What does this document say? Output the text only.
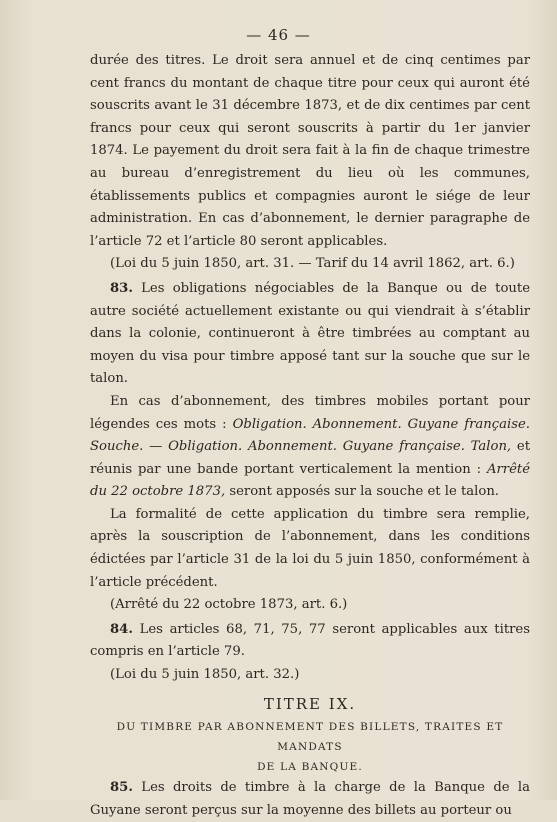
— 46 —

durée des titres. Le droit sera annuel et de cinq centimes par cent francs du montant de chaque titre pour ceux qui auront été souscrits avant le 31 décembre 1873, et de dix centimes par cent francs pour ceux qui seront souscrits à partir du 1er janvier 1874. Le payement du droit sera fait à la fin de chaque trimestre au bureau d’enregistrement du lieu où les communes, établissements publics et compagnies auront le siége de leur administration. En cas d’abonnement, le dernier paragraphe de l’article 72 et l’article 80 seront applicables.

(Loi du 5 juin 1850, art. 31. — Tarif du 14 avril 1862, art. 6.)

83. Les obligations négociables de la Banque ou de toute autre société actuellement existante ou qui viendrait à s’établir dans la colonie, continueront à être timbrées au comptant au moyen du visa pour timbre apposé tant sur la souche que sur le talon.

En cas d’abonnement, des timbres mobiles portant pour légendes ces mots : Obligation. Abonnement. Guyane française. Souche. — Obligation. Abonnement. Guyane française. Talon, et réunis par une bande portant verticalement la mention : Arrêté du 22 octobre 1873, seront apposés sur la souche et le talon.

La formalité de cette application du timbre sera remplie, après la souscription de l’abonnement, dans les conditions édictées par l’article 31 de la loi du 5 juin 1850, conformément à l’article précédent.

(Arrêté du 22 octobre 1873, art. 6.)

84. Les articles 68, 71, 75, 77 seront applicables aux titres compris en l’article 79.

(Loi du 5 juin 1850, art. 32.)

TITRE IX.

DU TIMBRE PAR ABONNEMENT DES BILLETS, TRAITES ET MANDATS
DE LA BANQUE.

85. Les droits de timbre à la charge de la Banque de la Guyane seront perçus sur la moyenne des billets au porteur ou
